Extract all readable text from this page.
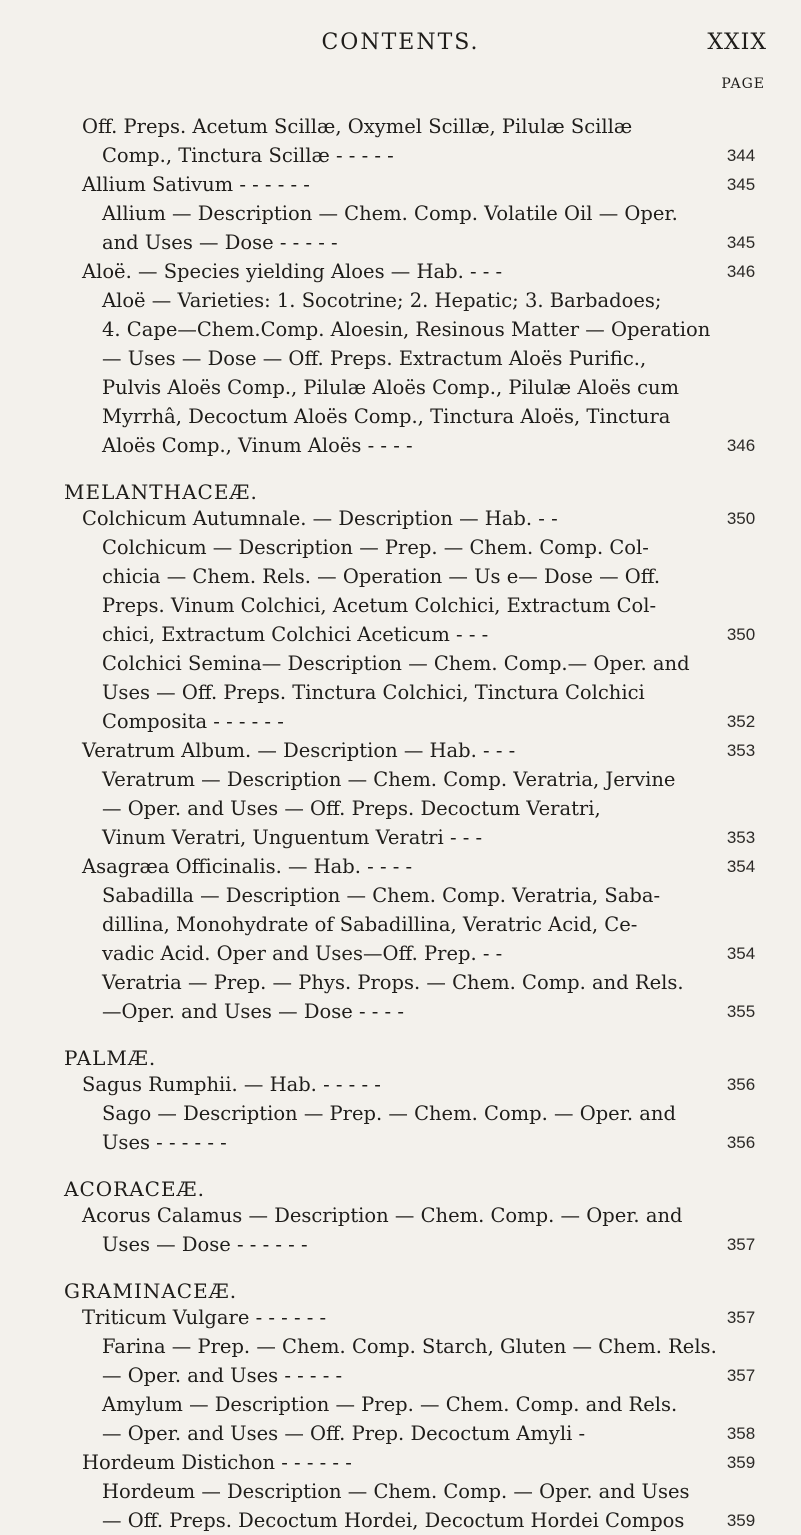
CONTENTS.	XXIX
PAGE
Off. Preps. Acetum Scillæ, Oxymel Scillæ, Pilulæ Scillæ
Comp., Tinctura Scillæ - - - - -	344
Allium Sativum - - - - - -	345
Allium — Description — Chem. Comp. Volatile Oil — Oper.
and Uses — Dose - - - - -	345
Aloë. — Species yielding Aloes — Hab. - - -	346
Aloë — Varieties: 1. Socotrine; 2. Hepatic; 3. Barbadoes;
4. Cape—Chem.Comp. Aloesin, Resinous Matter — Operation
— Uses — Dose — Off. Preps. Extractum Aloës Purific.,
Pulvis Aloës Comp., Pilulæ Aloës Comp., Pilulæ Aloës cum
Myrrhâ, Decoctum Aloës Comp., Tinctura Aloës, Tinctura
Aloës Comp., Vinum Aloës - - - -	346
MELANTHACEÆ.
Colchicum Autumnale. — Description — Hab. - -	350
Colchicum — Description — Prep. — Chem. Comp. Col-
chicia — Chem. Rels. — Operation — Us e— Dose — Off.
Preps. Vinum Colchici, Acetum Colchici, Extractum Col-
chici, Extractum Colchici Aceticum - - -	350
Colchici Semina— Description — Chem. Comp.— Oper. and
Uses — Off. Preps. Tinctura Colchici, Tinctura Colchici
Composita - - - - - -	352
Veratrum Album. — Description — Hab. - - -	353
Veratrum — Description — Chem. Comp. Veratria, Jervine
— Oper. and Uses — Off. Preps. Decoctum Veratri,
Vinum Veratri, Unguentum Veratri - - -	353
Asagræa Officinalis. — Hab. - - - -	354
Sabadilla — Description — Chem. Comp. Veratria, Saba-
dillina, Monohydrate of Sabadillina, Veratric Acid, Ce-
vadic Acid. Oper and Uses—Off. Prep. - -	354
Veratria — Prep. — Phys. Props. — Chem. Comp. and Rels.
—Oper. and Uses — Dose - - - -	355
PALMÆ.
Sagus Rumphii. — Hab. - - - - -	356
Sago — Description — Prep. — Chem. Comp. — Oper. and
Uses - - - - - -	356
ACORACEÆ.
Acorus Calamus — Description — Chem. Comp. — Oper. and
Uses — Dose - - - - - -	357
GRAMINACEÆ.
Triticum Vulgare - - - - - -	357
Farina — Prep. — Chem. Comp. Starch, Gluten — Chem. Rels.
— Oper. and Uses - - - - -	357
Amylum — Description — Prep. — Chem. Comp. and Rels.
— Oper. and Uses — Off. Prep. Decoctum Amyli -	358
Hordeum Distichon - - - - - -	359
Hordeum — Description — Chem. Comp. — Oper. and Uses
— Off. Preps. Decoctum Hordei, Decoctum Hordei Compos	359
